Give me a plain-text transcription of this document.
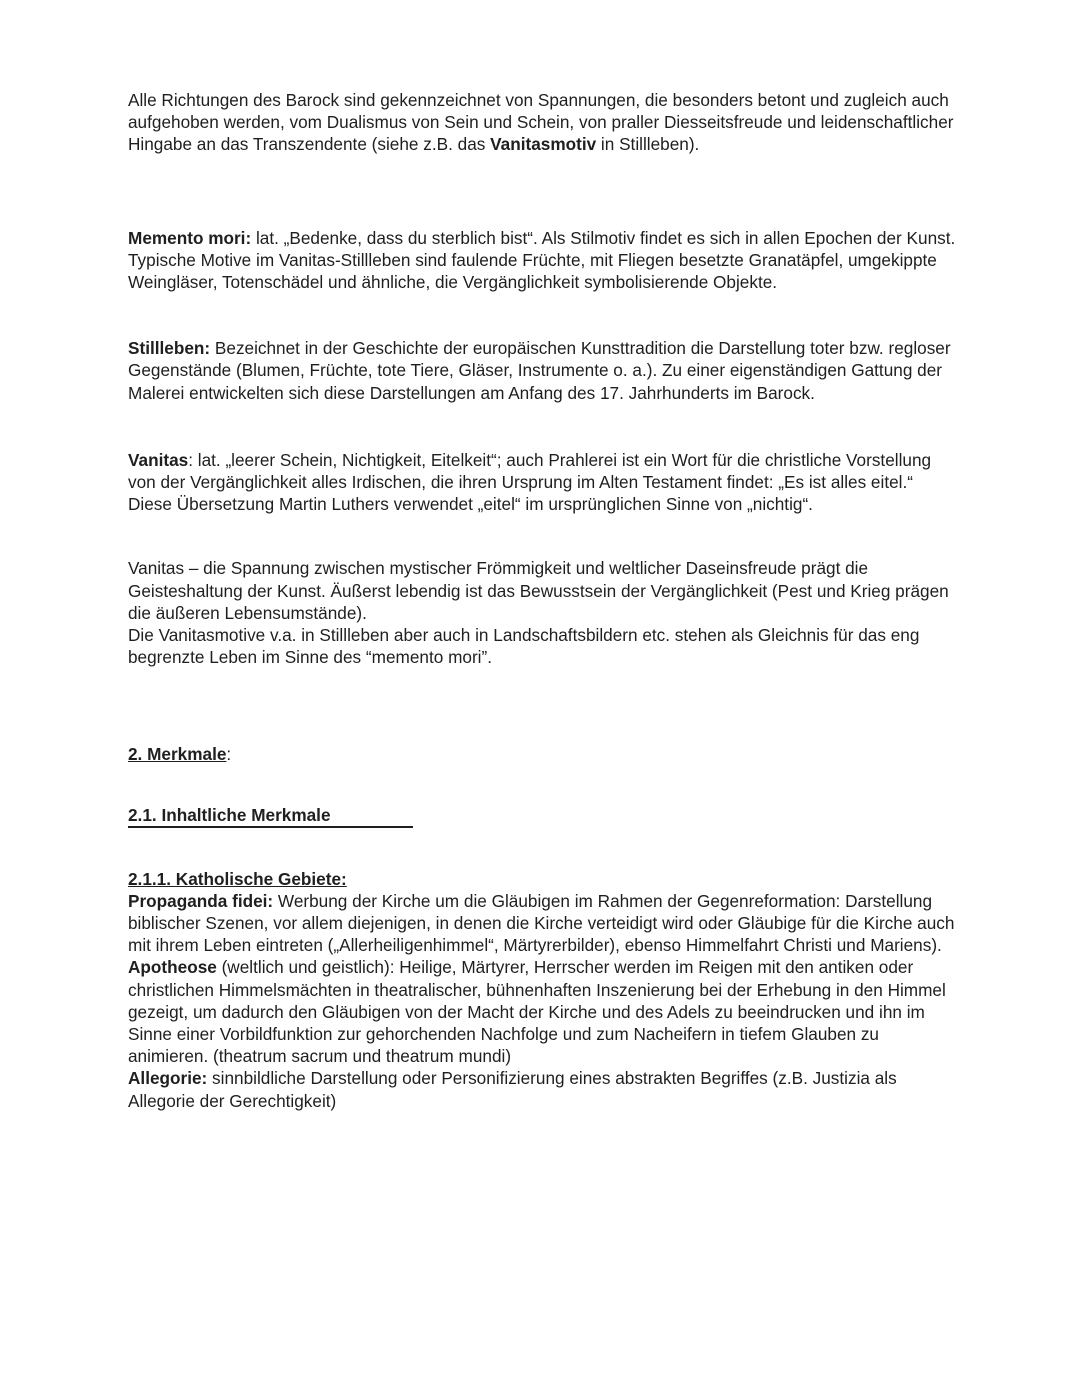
Alle Richtungen des Barock sind gekennzeichnet von Spannungen, die besonders betont und zugleich auch aufgehoben werden, vom Dualismus von Sein und Schein, von praller Diesseitsfreude und leidenschaftlicher Hingabe an das Transzendente (siehe z.B. das Vanitasmotiv in Stillleben).

Memento mori: lat. „Bedenke, dass du sterblich bist“. Als Stilmotiv findet es sich in allen Epochen der Kunst. Typische Motive im Vanitas-Stillleben sind faulende Früchte, mit Fliegen besetzte Granatäpfel, umgekippte Weingläser, Totenschädel und ähnliche, die Vergänglichkeit symbolisierende Objekte.

Stillleben: Bezeichnet in der Geschichte der europäischen Kunsttradition die Darstellung toter bzw. regloser Gegenstände (Blumen, Früchte, tote Tiere, Gläser, Instrumente o. a.). Zu einer eigenständigen Gattung der Malerei entwickelten sich diese Darstellungen am Anfang des 17. Jahrhunderts im Barock.

Vanitas: lat. „leerer Schein, Nichtigkeit, Eitelkeit“; auch Prahlerei ist ein Wort für die christliche Vorstellung von der Vergänglichkeit alles Irdischen, die ihren Ursprung im Alten Testament findet: „Es ist alles eitel.“ Diese Übersetzung Martin Luthers verwendet „eitel“ im ursprünglichen Sinne von „nichtig“.

Vanitas – die Spannung zwischen mystischer Frömmigkeit und weltlicher Daseinsfreude prägt die Geisteshaltung der Kunst. Äußerst lebendig ist das Bewusstsein der Vergänglichkeit (Pest und Krieg prägen die äußeren Lebensumstände).
Die Vanitasmotive v.a. in Stillleben aber auch in Landschaftsbildern etc. stehen als Gleichnis für das eng begrenzte Leben im Sinne des “memento mori”.

2. Merkmale:

2.1. Inhaltliche Merkmale

2.1.1. Katholische Gebiete:
Propaganda fidei: Werbung der Kirche um die Gläubigen im Rahmen der Gegenreformation: Darstellung biblischer Szenen, vor allem diejenigen, in denen die Kirche verteidigt wird oder Gläubige für die Kirche auch mit ihrem Leben eintreten („Allerheiligenhimmel“, Märtyrerbilder), ebenso Himmelfahrt Christi und Mariens).
Apotheose (weltlich und geistlich): Heilige, Märtyrer, Herrscher werden im Reigen mit den antiken oder christlichen Himmelsmächten in theatralischer, bühnenhaften Inszenierung bei der Erhebung in den Himmel gezeigt, um dadurch den Gläubigen von der Macht der Kirche und des Adels zu beeindrucken und ihn im Sinne einer Vorbildfunktion zur gehorchenden Nachfolge und zum Nacheifern in tiefem Glauben zu animieren. (theatrum sacrum und theatrum mundi)
Allegorie: sinnbildliche Darstellung oder Personifizierung eines abstrakten Begriffes (z.B. Justizia als Allegorie der Gerechtigkeit)
